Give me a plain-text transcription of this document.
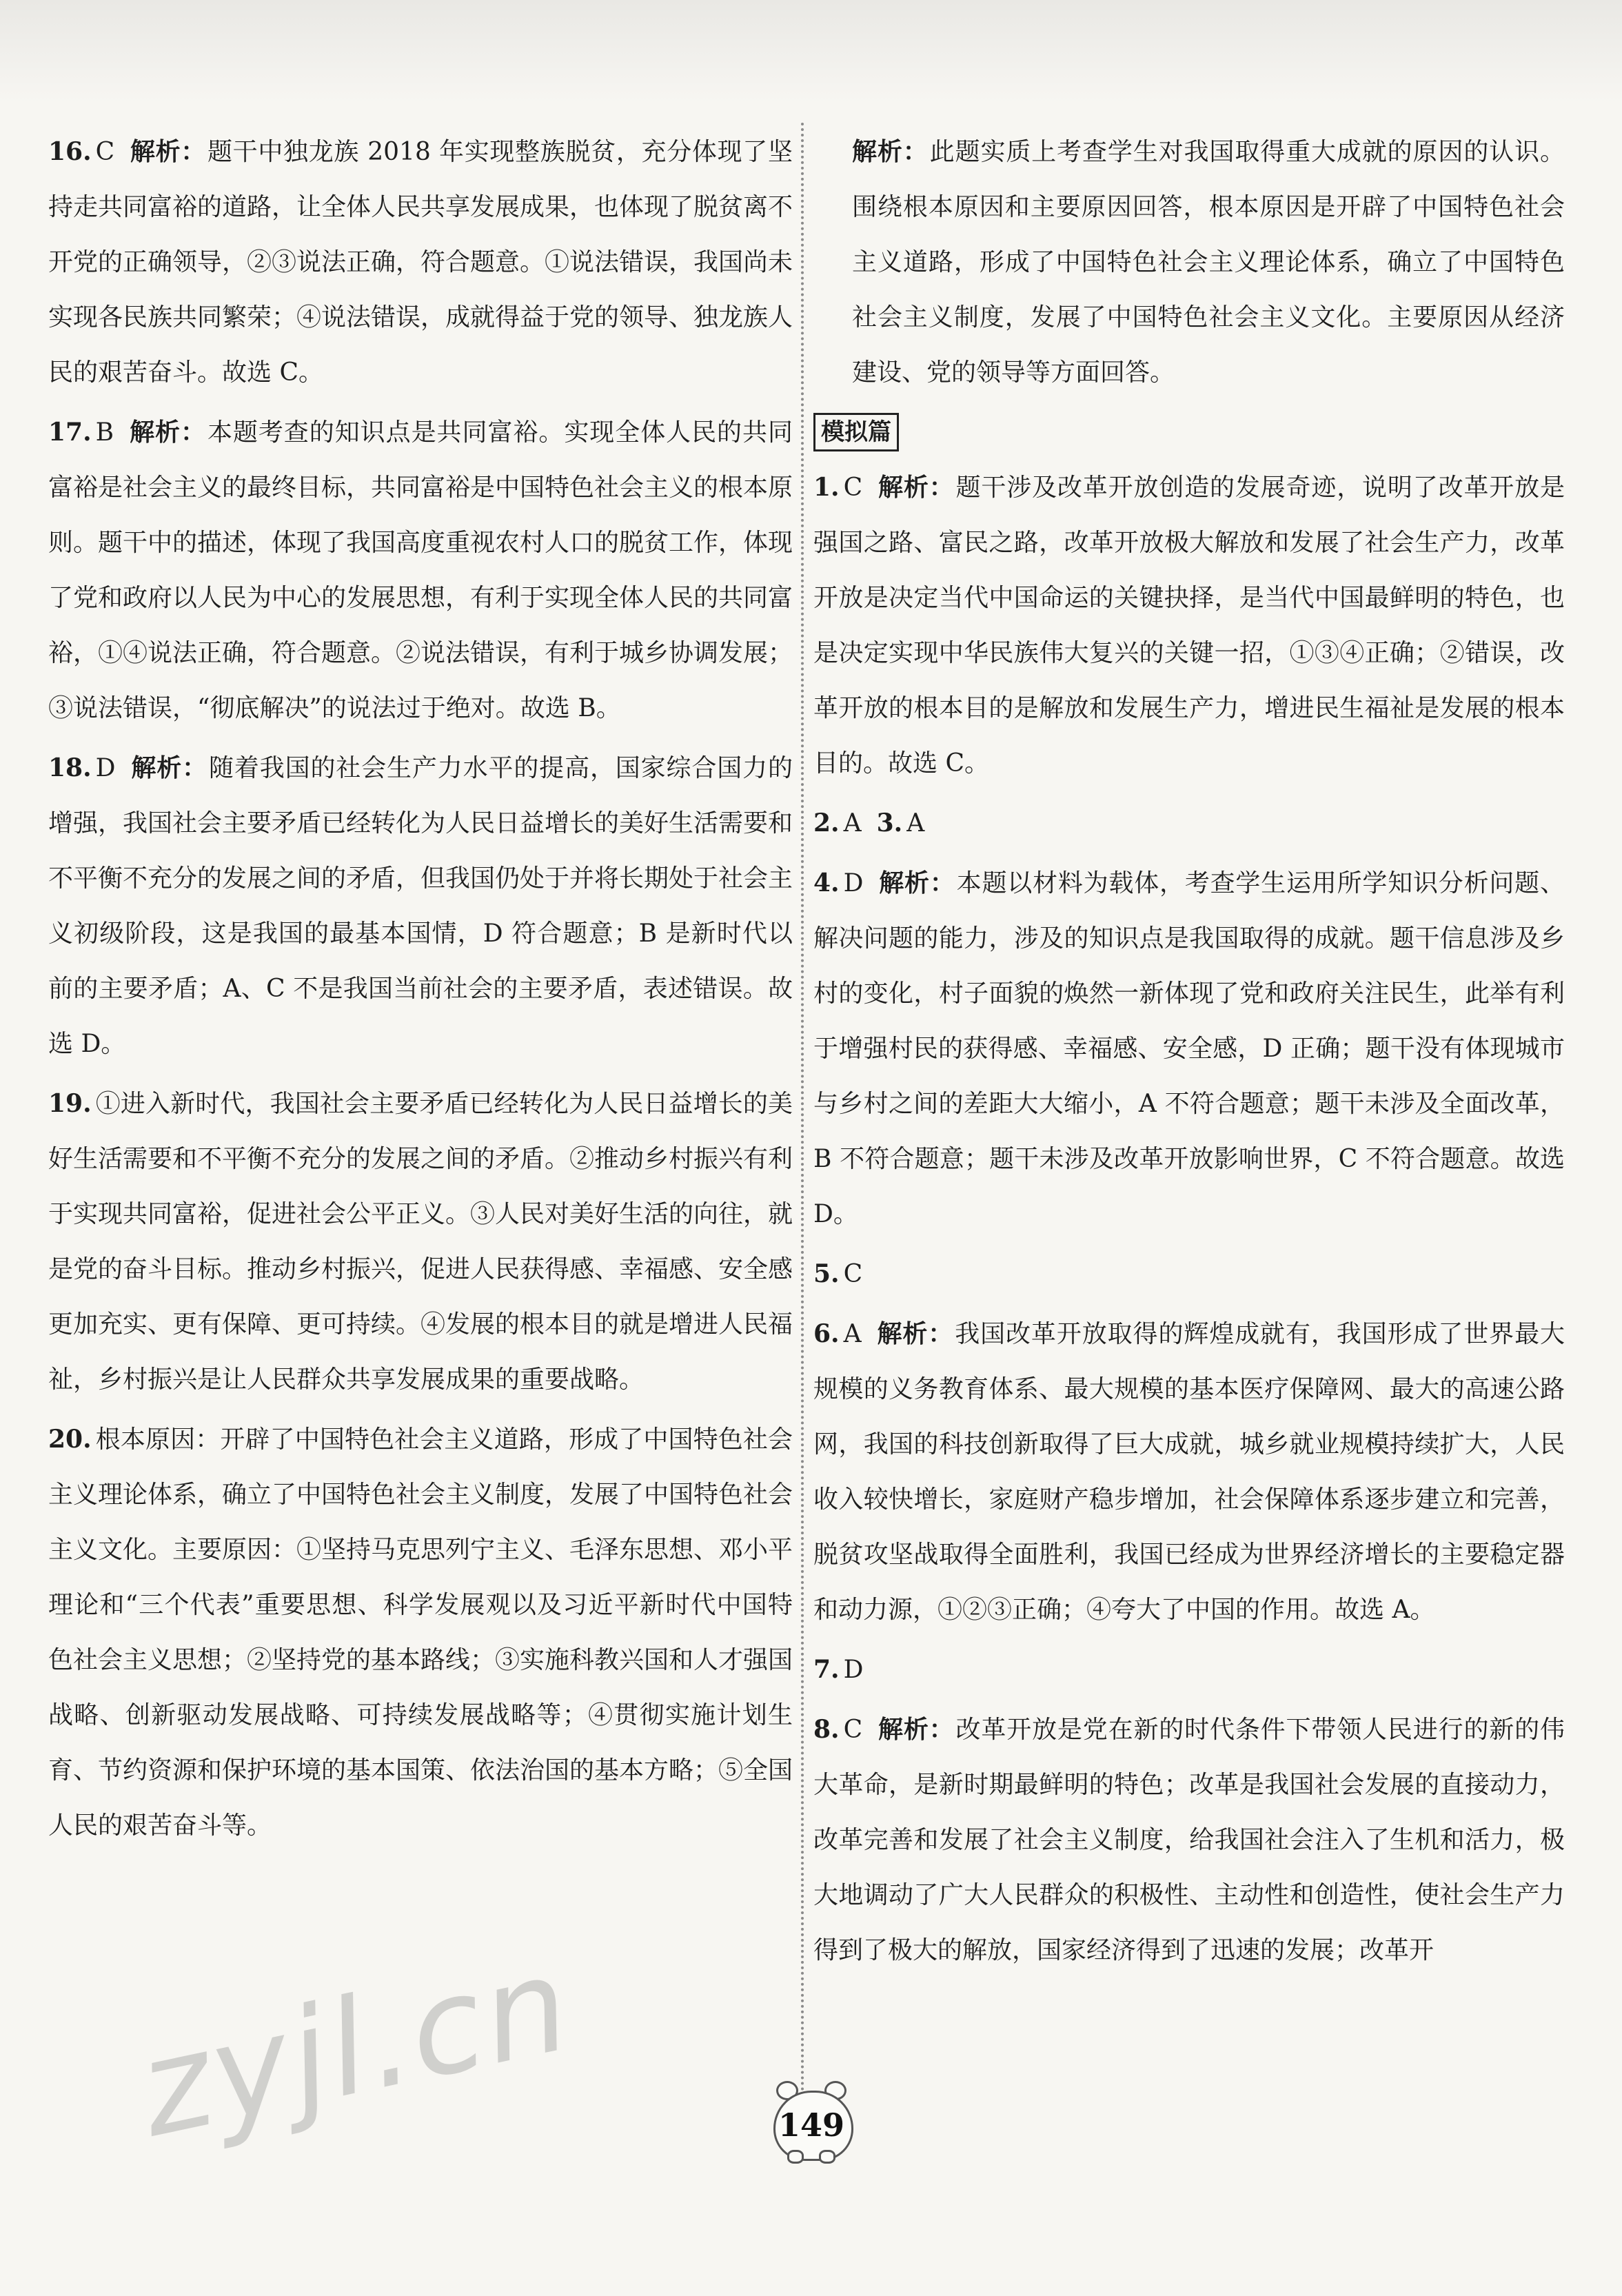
16. C 解析：题干中独龙族 2018 年实现整族脱贫，充分体现了坚持走共同富裕的道路，让全体人民共享发展成果，也体现了脱贫离不开党的正确领导，②③说法正确，符合题意。①说法错误，我国尚未实现各民族共同繁荣；④说法错误，成就得益于党的领导、独龙族人民的艰苦奋斗。故选 C。
17. B 解析：本题考查的知识点是共同富裕。实现全体人民的共同富裕是社会主义的最终目标，共同富裕是中国特色社会主义的根本原则。题干中的描述，体现了我国高度重视农村人口的脱贫工作，体现了党和政府以人民为中心的发展思想，有利于实现全体人民的共同富裕，①④说法正确，符合题意。②说法错误，有利于城乡协调发展；③说法错误，“彻底解决”的说法过于绝对。故选 B。
18. D 解析：随着我国的社会生产力水平的提高，国家综合国力的增强，我国社会主要矛盾已经转化为人民日益增长的美好生活需要和不平衡不充分的发展之间的矛盾，但我国仍处于并将长期处于社会主义初级阶段，这是我国的最基本国情，D 符合题意；B 是新时代以前的主要矛盾；A、C 不是我国当前社会的主要矛盾，表述错误。故选 D。
19. ①进入新时代，我国社会主要矛盾已经转化为人民日益增长的美好生活需要和不平衡不充分的发展之间的矛盾。②推动乡村振兴有利于实现共同富裕，促进社会公平正义。③人民对美好生活的向往，就是党的奋斗目标。推动乡村振兴，促进人民获得感、幸福感、安全感更加充实、更有保障、更可持续。④发展的根本目的就是增进人民福祉，乡村振兴是让人民群众共享发展成果的重要战略。
20. 根本原因：开辟了中国特色社会主义道路，形成了中国特色社会主义理论体系，确立了中国特色社会主义制度，发展了中国特色社会主义文化。主要原因：①坚持马克思列宁主义、毛泽东思想、邓小平理论和“三个代表”重要思想、科学发展观以及习近平新时代中国特色社会主义思想；②坚持党的基本路线；③实施科教兴国和人才强国战略、创新驱动发展战略、可持续发展战略等；④贯彻实施计划生育、节约资源和保护环境的基本国策、依法治国的基本方略；⑤全国人民的艰苦奋斗等。
解析：此题实质上考查学生对我国取得重大成就的原因的认识。围绕根本原因和主要原因回答，根本原因是开辟了中国特色社会主义道路，形成了中国特色社会主义理论体系，确立了中国特色社会主义制度，发展了中国特色社会主义文化。主要原因从经济建设、党的领导等方面回答。
模拟篇
1. C 解析：题干涉及改革开放创造的发展奇迹，说明了改革开放是强国之路、富民之路，改革开放极大解放和发展了社会生产力，改革开放是决定当代中国命运的关键抉择，是当代中国最鲜明的特色，也是决定实现中华民族伟大复兴的关键一招，①③④正确；②错误，改革开放的根本目的是解放和发展生产力，增进民生福祉是发展的根本目的。故选 C。
2. A 3. A
4. D 解析：本题以材料为载体，考查学生运用所学知识分析问题、解决问题的能力，涉及的知识点是我国取得的成就。题干信息涉及乡村的变化，村子面貌的焕然一新体现了党和政府关注民生，此举有利于增强村民的获得感、幸福感、安全感，D 正确；题干没有体现城市与乡村之间的差距大大缩小，A 不符合题意；题干未涉及全面改革，B 不符合题意；题干未涉及改革开放影响世界，C 不符合题意。故选 D。
5. C
6. A 解析：我国改革开放取得的辉煌成就有，我国形成了世界最大规模的义务教育体系、最大规模的基本医疗保障网、最大的高速公路网，我国的科技创新取得了巨大成就，城乡就业规模持续扩大，人民收入较快增长，家庭财产稳步增加，社会保障体系逐步建立和完善，脱贫攻坚战取得全面胜利，我国已经成为世界经济增长的主要稳定器和动力源，①②③正确；④夸大了中国的作用。故选 A。
7. D
8. C 解析：改革开放是党在新的时代条件下带领人民进行的新的伟大革命，是新时期最鲜明的特色；改革是我国社会发展的直接动力，改革完善和发展了社会主义制度，给我国社会注入了生机和活力，极大地调动了广大人民群众的积极性、主动性和创造性，使社会生产力得到了极大的解放，国家经济得到了迅速的发展；改革开
149
zyjl.cn
